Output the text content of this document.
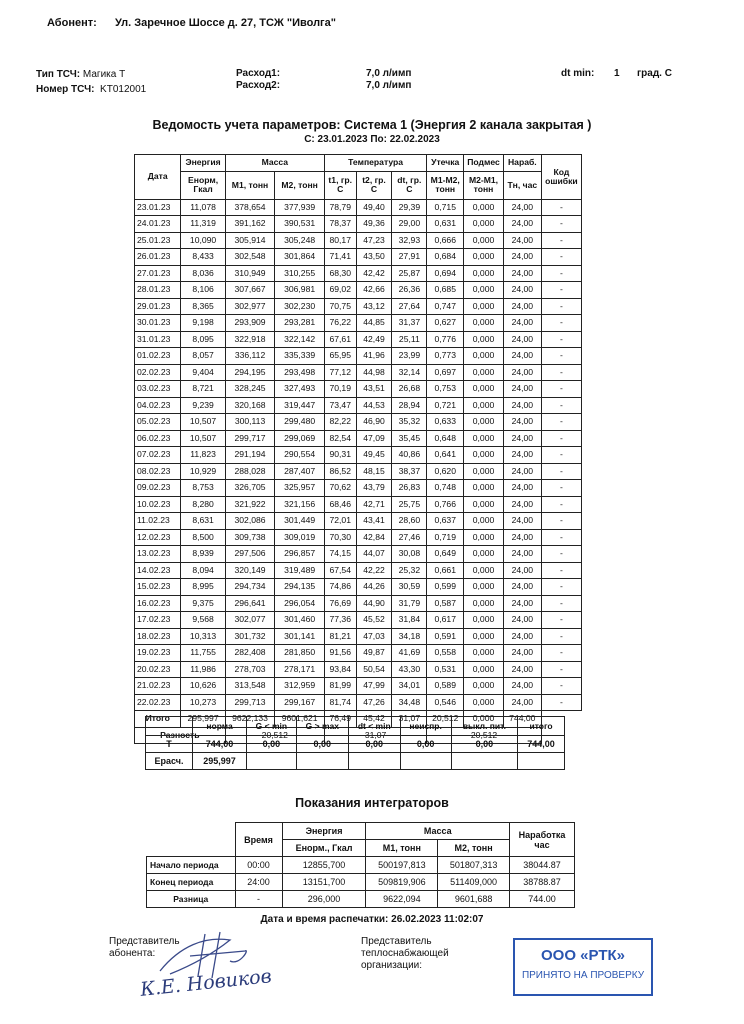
Абонент: Ул. Заречное Шоссе д. 27, ТСЖ "Иволга"
Тип ТСЧ: Магика Т
Номер ТСЧ: KT012001
Расход1:	7,0 л/имп
Расход2:	7,0 л/имп
dt min: 1 град. С
Ведомость учета параметров: Система 1 (Энергия 2 канала закрытая )
С: 23.01.2023 По: 22.02.2023
Дата	Энергия	Масса		Температура			Утечка	Подмес	Нараб.	Код ошибки
	Енорм, Гкал	М1, тонн	М2, тонн	t1, гр. С	t2, гр. С	dt, гр. С	М1-М2, тонн	М2-М1, тонн	Тн, час	
23.01.23	11,078	378,654	377,939	78,79	49,40	29,39	0,715	0,000	24,00	-
24.01.23	11,319	391,162	390,531	78,37	49,36	29,00	0,631	0,000	24,00	-
25.01.23	10,090	305,914	305,248	80,17	47,23	32,93	0,666	0,000	24,00	-
26.01.23	8,433	302,548	301,864	71,41	43,50	27,91	0,684	0,000	24,00	-
27.01.23	8,036	310,949	310,255	68,30	42,42	25,87	0,694	0,000	24,00	-
28.01.23	8,106	307,667	306,981	69,02	42,66	26,36	0,685	0,000	24,00	-
29.01.23	8,365	302,977	302,230	70,75	43,12	27,64	0,747	0,000	24,00	-
30.01.23	9,198	293,909	293,281	76,22	44,85	31,37	0,627	0,000	24,00	-
31.01.23	8,095	322,918	322,142	67,61	42,49	25,11	0,776	0,000	24,00	-
01.02.23	8,057	336,112	335,339	65,95	41,96	23,99	0,773	0,000	24,00	-
02.02.23	9,404	294,195	293,498	77,12	44,98	32,14	0,697	0,000	24,00	-
03.02.23	8,721	328,245	327,493	70,19	43,51	26,68	0,753	0,000	24,00	-
04.02.23	9,239	320,168	319,447	73,47	44,53	28,94	0,721	0,000	24,00	-
05.02.23	10,507	300,113	299,480	82,22	46,90	35,32	0,633	0,000	24,00	-
06.02.23	10,507	299,717	299,069	82,54	47,09	35,45	0,648	0,000	24,00	-
07.02.23	11,823	291,194	290,554	90,31	49,45	40,86	0,641	0,000	24,00	-
08.02.23	10,929	288,028	287,407	86,52	48,15	38,37	0,620	0,000	24,00	-
09.02.23	8,753	326,705	325,957	70,62	43,79	26,83	0,748	0,000	24,00	-
10.02.23	8,280	321,922	321,156	68,46	42,71	25,75	0,766	0,000	24,00	-
11.02.23	8,631	302,086	301,449	72,01	43,41	28,60	0,637	0,000	24,00	-
12.02.23	8,500	309,738	309,019	70,30	42,84	27,46	0,719	0,000	24,00	-
13.02.23	8,939	297,506	296,857	74,15	44,07	30,08	0,649	0,000	24,00	-
14.02.23	8,094	320,149	319,489	67,54	42,22	25,32	0,661	0,000	24,00	-
15.02.23	8,995	294,734	294,135	74,86	44,26	30,59	0,599	0,000	24,00	-
16.02.23	9,375	296,641	296,054	76,69	44,90	31,79	0,587	0,000	24,00	-
17.02.23	9,568	302,077	301,460	77,36	45,52	31,84	0,617	0,000	24,00	-
18.02.23	10,313	301,732	301,141	81,21	47,03	34,18	0,591	0,000	24,00	-
19.02.23	11,755	282,408	281,850	91,56	49,87	41,69	0,558	0,000	24,00	-
20.02.23	11,986	278,703	278,171	93,84	50,54	43,30	0,531	0,000	24,00	-
21.02.23	10,626	313,548	312,959	81,99	47,99	34,01	0,589	0,000	24,00	-
22.02.23	10,273	299,713	299,167	81,74	47,26	34,48	0,546	0,000	24,00	-
Итого	295,997	9622,133	9601,621	76,49	45,42	31,07	20,512	0,000	744,00	
Разность		20,512		31,07			20,512			
	норма	G < min	G > max	dt < min	неиспр.	выкл. пит.	итого
Т	744,00	0,00	0,00	0,00	0,00	0,00	744,00
Ерасч.	295,997						
Показания интеграторов
	Время	Энергия	Масса		Наработка час
		Енорм., Гкал	М1, тонн	М2, тонн	
Начало периода	00:00	12855,700	500197,813	501807,313	38044.87
Конец периода	24:00	13151,700	509819,906	511409,000	38788.87
Разница	-	296,000	9622,094	9601,688	744.00
Дата и время распечатки: 26.02.2023 11:02:07
Представитель
абонента:
К.Е. Новиков
Представитель
теплоснабжающей
организации:
ООО «РТК»
ПРИНЯТО НА ПРОВЕРКУ
